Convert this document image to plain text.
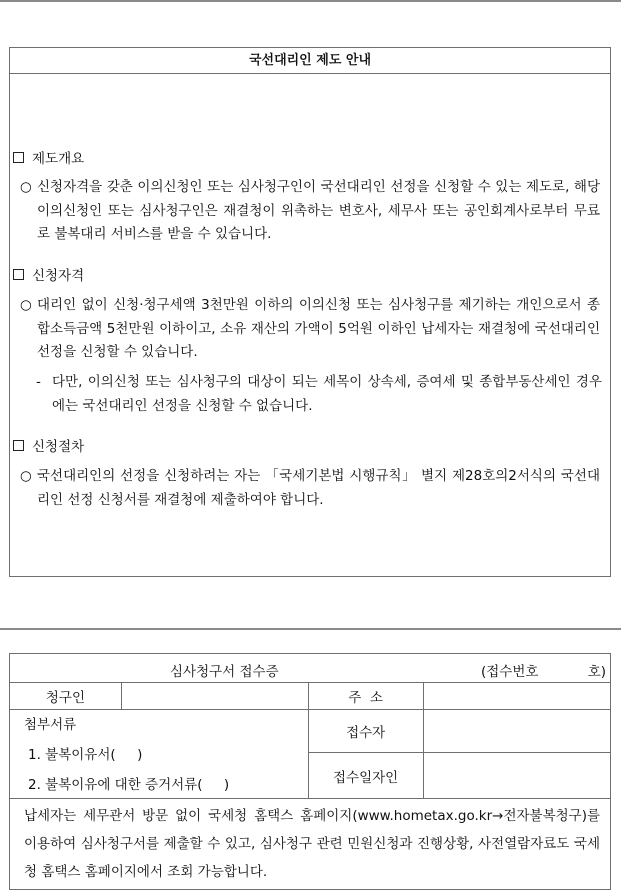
국선대리인 제도 안내
제도개요
○ 신청자격을 갖춘 이의신청인 또는 심사청구인이 국선대리인 선정을 신청할 수 있는 제도로, 해당 이의신청인 또는 심사청구인은 재결청이 위촉하는 변호사, 세무사 또는 공인회계사로부터 무료로 불복대리 서비스를 받을 수 있습니다.
신청자격
○ 대리인 없이 신청·청구세액 3천만원 이하의 이의신청 또는 심사청구를 제기하는 개인으로서 종합소득금액 5천만원 이하이고, 소유 재산의 가액이 5억원 이하인 납세자는 재결청에 국선대리인 선정을 신청할 수 있습니다.
- 다만, 이의신청 또는 심사청구의 대상이 되는 세목이 상속세, 증여세 및 종합부동산세인 경우에는 국선대리인 선정을 신청할 수 없습니다.
신청절차
○ 국선대리인의 선정을 신청하려는 자는 「국세기본법 시행규칙」 별지 제28호의2서식의 국선대리인 선정 신청서를 재결청에 제출하여야 합니다.
심사청구서 접수증 (접수번호 호)			

청구인		주  소	

첨부서류
1. 불복이유서(     )
2. 불복이유에 대한 증거서류(     )		접수자	
		접수일자인	
납세자는 세무관서 방문 없이 국세청 홈택스 홈페이지(www.hometax.go.kr→전자불복청구)를 이용하여 심사청구서를 제출할 수 있고, 심사청구 관련 민원신청과 진행상황, 사전열람자료도 국세청 홈택스 홈페이지에서 조회 가능합니다.			
